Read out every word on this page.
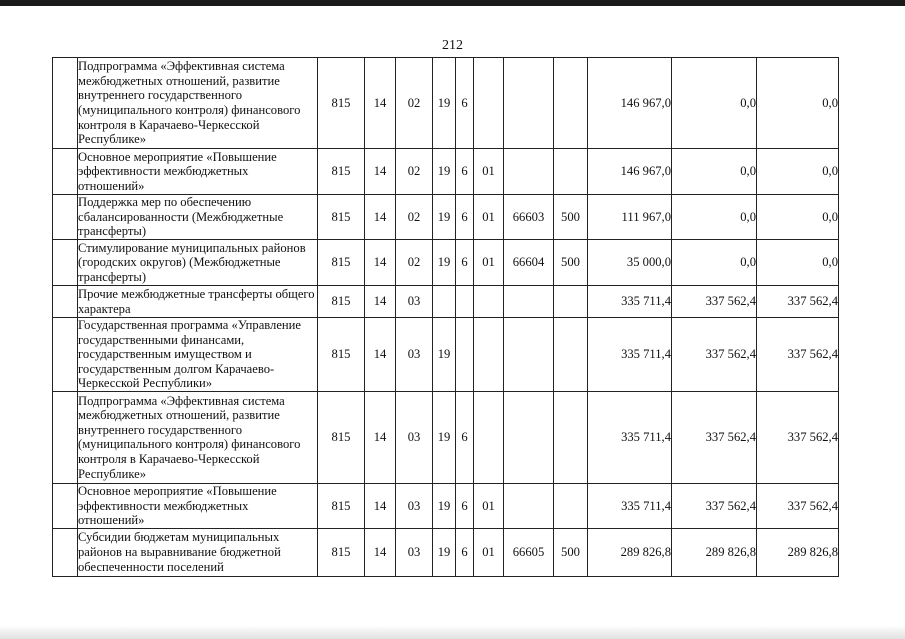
212

	Подпрограмма «Эффективная система межбюджетных отношений, развитие внутреннего государственного (муниципального контроля) финансового контроля в Карачаево-Черкесской Республике»	815	14	02	19	6				146 967,0	0,0	0,0

	Основное мероприятие «Повышение эффективности межбюджетных отношений»	815	14	02	19	6	01			146 967,0	0,0	0,0

	Поддержка мер по обеспечению сбалансированности (Межбюджетные трансферты)	815	14	02	19	6	01	66603	500	111 967,0	0,0	0,0

	Стимулирование муниципальных районов (городских округов) (Межбюджетные трансферты)	815	14	02	19	6	01	66604	500	35 000,0	0,0	0,0

	Прочие межбюджетные трансферты общего характера	815	14	03						335 711,4	337 562,4	337 562,4

	Государственная программа «Управление государственными финансами, государственным имуществом и государственным долгом Карачаево-Черкесской Республики»	815	14	03	19					335 711,4	337 562,4	337 562,4

	Подпрограмма «Эффективная система межбюджетных отношений, развитие внутреннего государственного (муниципального контроля) финансового контроля в Карачаево-Черкесской Республике»	815	14	03	19	6				335 711,4	337 562,4	337 562,4

	Основное мероприятие «Повышение эффективности межбюджетных отношений»	815	14	03	19	6	01			335 711,4	337 562,4	337 562,4

	Субсидии бюджетам муниципальных районов на выравнивание бюджетной обеспеченности поселений	815	14	03	19	6	01	66605	500	289 826,8	289 826,8	289 826,8
